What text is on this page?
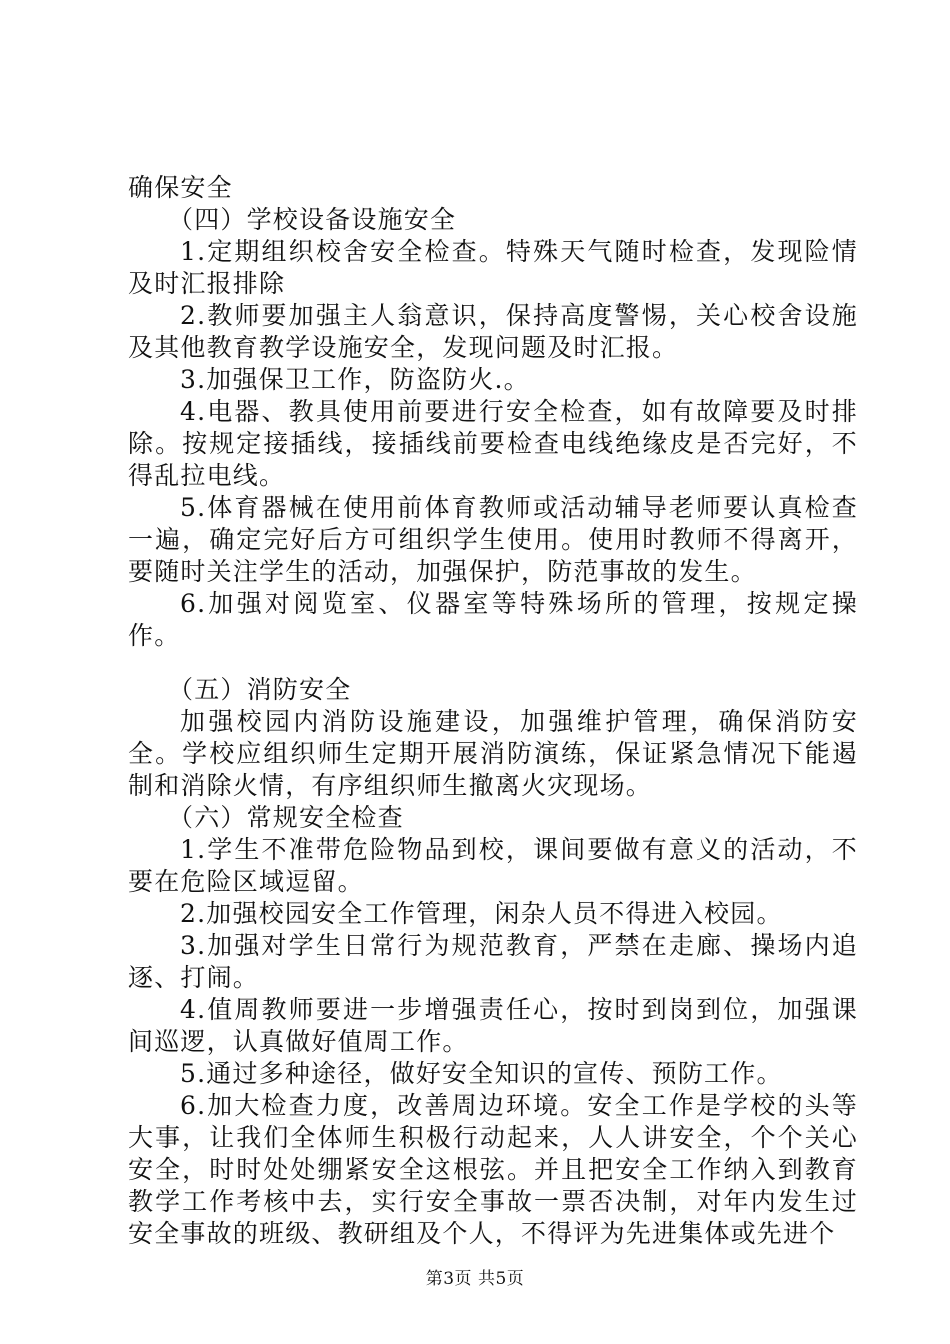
确保安全

（四）学校设备设施安全

1.定期组织校舍安全检查。特殊天气随时检查，发现险情及时汇报排除

2.教师要加强主人翁意识，保持高度警惕，关心校舍设施及其他教育教学设施安全，发现问题及时汇报。

3.加强保卫工作，防盗防火.。

4.电器、教具使用前要进行安全检查，如有故障要及时排除。按规定接插线，接插线前要检查电线绝缘皮是否完好，不得乱拉电线。

5.体育器械在使用前体育教师或活动辅导老师要认真检查一遍，确定完好后方可组织学生使用。使用时教师不得离开，要随时关注学生的活动，加强保护，防范事故的发生。

6.加强对阅览室、仪器室等特殊场所的管理，按规定操作。

（五）消防安全

加强校园内消防设施建设，加强维护管理，确保消防安全。学校应组织师生定期开展消防演练，保证紧急情况下能遏制和消除火情，有序组织师生撤离火灾现场。

（六）常规安全检查

1.学生不准带危险物品到校，课间要做有意义的活动，不要在危险区域逗留。

2.加强校园安全工作管理，闲杂人员不得进入校园。

3.加强对学生日常行为规范教育，严禁在走廊、操场内追逐、打闹。

4.值周教师要进一步增强责任心，按时到岗到位，加强课间巡逻，认真做好值周工作。

5.通过多种途径，做好安全知识的宣传、预防工作。

6.加大检查力度，改善周边环境。安全工作是学校的头等大事，让我们全体师生积极行动起来，人人讲安全，个个关心安全，时时处处绷紧安全这根弦。并且把安全工作纳入到教育教学工作考核中去，实行安全事故一票否决制，对年内发生过安全事故的班级、教研组及个人，不得评为先进集体或先进个

第3页 共5页
